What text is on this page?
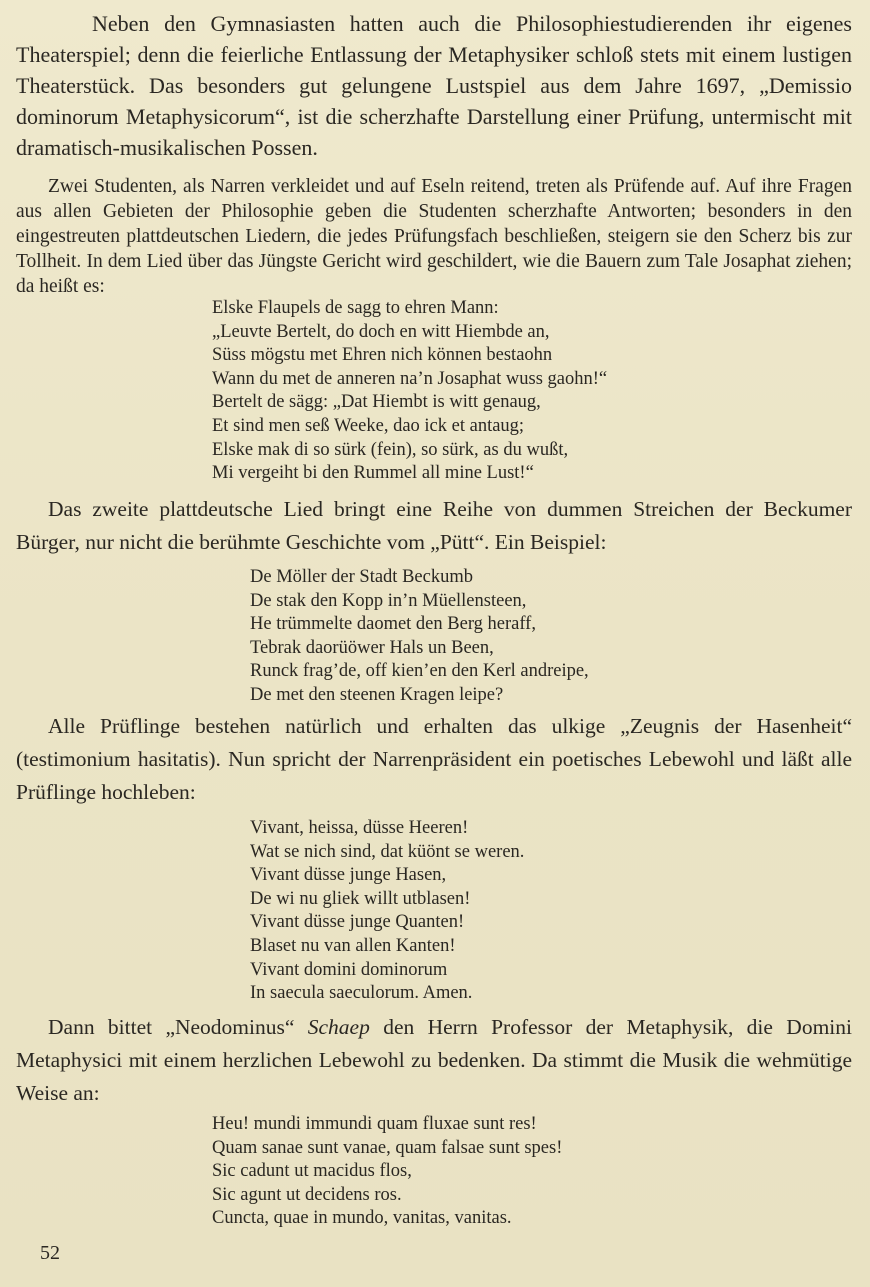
Neben den Gymnasiasten hatten auch die Philosophiestudierenden ihr eigenes Theaterspiel; denn die feierliche Entlassung der Metaphysiker schloß stets mit einem lustigen Theaterstück. Das besonders gut gelungene Lustspiel aus dem Jahre 1697, „Demissio dominorum Metaphysicorum“, ist die scherzhafte Darstellung einer Prüfung, untermischt mit dramatisch-musikalischen Possen.

Zwei Studenten, als Narren verkleidet und auf Eseln reitend, treten als Prüfende auf. Auf ihre Fragen aus allen Gebieten der Philosophie geben die Studenten scherzhafte Antworten; besonders in den eingestreuten plattdeutschen Liedern, die jedes Prüfungsfach beschließen, steigern sie den Scherz bis zur Tollheit. In dem Lied über das Jüngste Gericht wird geschildert, wie die Bauern zum Tale Josaphat ziehen; da heißt es:

Elske Flaupels de sagg to ehren Mann:
„Leuvte Bertelt, do doch en witt Hiembde an,
Süss mögstu met Ehren nich können bestaohn
Wann du met de anneren na’n Josaphat wuss gaohn!“
Bertelt de sägg: „Dat Hiembt is witt genaug,
Et sind men seß Weeke, dao ick et antaug;
Elske mak di so sürk (fein), so sürk, as du wußt,
Mi vergeiht bi den Rummel all mine Lust!“

Das zweite plattdeutsche Lied bringt eine Reihe von dummen Streichen der Beckumer Bürger, nur nicht die berühmte Geschichte vom „Pütt“. Ein Beispiel:

De Möller der Stadt Beckumb
De stak den Kopp in’n Müellensteen,
He trümmelte daomet den Berg heraff,
Tebrak daorüöwer Hals un Been,
Runck frag’de, off kien’en den Kerl andreipe,
De met den steenen Kragen leipe?

Alle Prüflinge bestehen natürlich und erhalten das ulkige „Zeugnis der Hasenheit“ (testimonium hasitatis). Nun spricht der Narrenpräsident ein poetisches Lebewohl und läßt alle Prüflinge hochleben:

Vivant, heissa, düsse Heeren!
Wat se nich sind, dat küönt se weren.
Vivant düsse junge Hasen,
De wi nu gliek willt utblasen!
Vivant düsse junge Quanten!
Blaset nu van allen Kanten!
Vivant domini dominorum
In saecula saeculorum. Amen.

Dann bittet „Neodominus“ Schaep den Herrn Professor der Metaphysik, die Domini Metaphysici mit einem herzlichen Lebewohl zu bedenken. Da stimmt die Musik die wehmütige Weise an:

Heu! mundi immundi quam fluxae sunt res!
Quam sanae sunt vanae, quam falsae sunt spes!
Sic cadunt ut macidus flos,
Sic agunt ut decidens ros.
Cuncta, quae in mundo, vanitas, vanitas.
52
